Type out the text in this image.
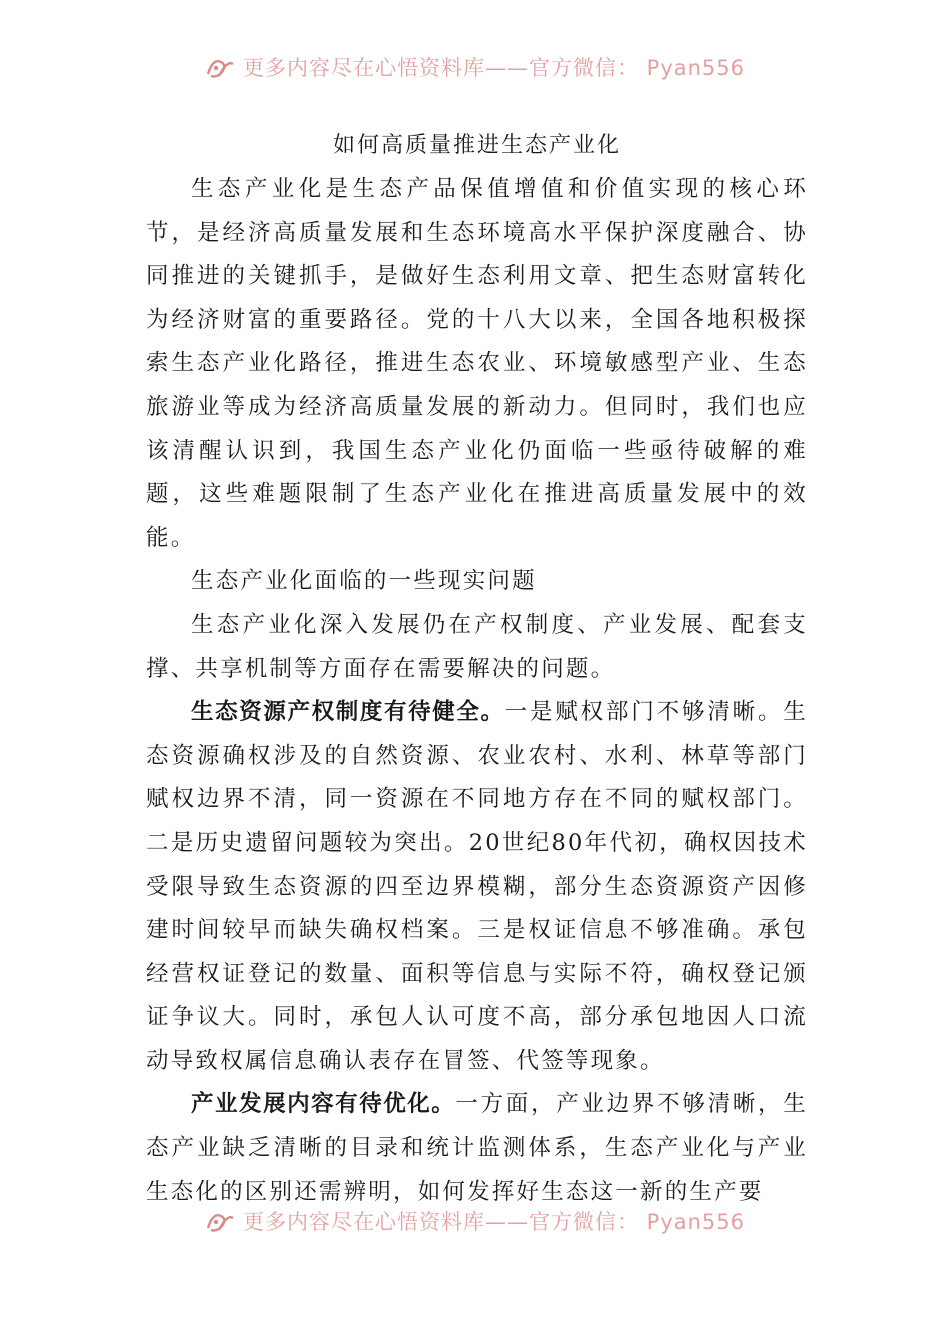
更多内容尽在心悟资料库——官方微信： Pyan556
如何高质量推进生态产业化

生态产业化是生态产品保值增值和价值实现的核心环节，是经济高质量发展和生态环境高水平保护深度融合、协同推进的关键抓手，是做好生态利用文章、把生态财富转化为经济财富的重要路径。党的十八大以来，全国各地积极探索生态产业化路径，推进生态农业、环境敏感型产业、生态旅游业等成为经济高质量发展的新动力。但同时，我们也应该清醒认识到，我国生态产业化仍面临一些亟待破解的难题，这些难题限制了生态产业化在推进高质量发展中的效能。

生态产业化面临的一些现实问题

生态产业化深入发展仍在产权制度、产业发展、配套支撑、共享机制等方面存在需要解决的问题。

生态资源产权制度有待健全。一是赋权部门不够清晰。生态资源确权涉及的自然资源、农业农村、水利、林草等部门赋权边界不清，同一资源在不同地方存在不同的赋权部门。二是历史遗留问题较为突出。20世纪80年代初，确权因技术受限导致生态资源的四至边界模糊，部分生态资源资产因修建时间较早而缺失确权档案。三是权证信息不够准确。承包经营权证登记的数量、面积等信息与实际不符，确权登记颁证争议大。同时，承包人认可度不高，部分承包地因人口流动导致权属信息确认表存在冒签、代签等现象。

产业发展内容有待优化。一方面，产业边界不够清晰，生态产业缺乏清晰的目录和统计监测体系，生态产业化与产业生态化的区别还需辨明，如何发挥好生态这一新的生产要

更多内容尽在心悟资料库——官方微信： Pyan556
